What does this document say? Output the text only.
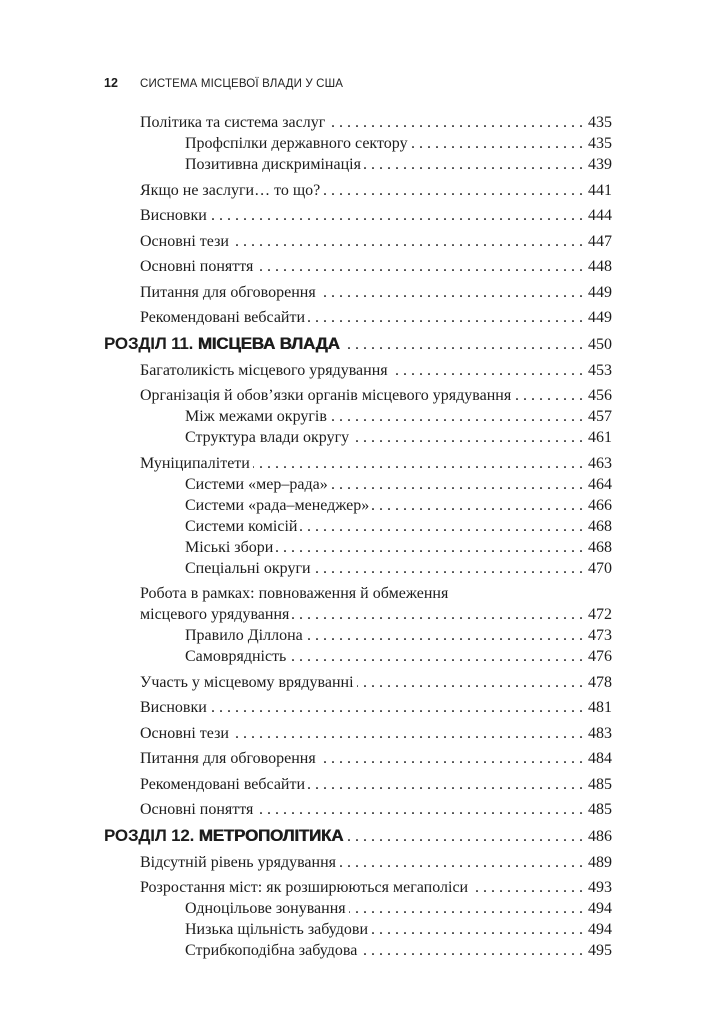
12	СИСТЕМА МІСЦЕВОЇ ВЛАДИ У США
Політика та система заслуг . . .	435
Профспілки державного сектору . . .	435
Позитивна дискримінація . . .	439
Якщо не заслуги… то що? . . .	441
Висновки . . .	444
Основні тези . . .	447
Основні поняття . . .	448
Питання для обговорення . . .	449
Рекомендовані вебсайти . . .	449
РОЗДІЛ 11. МІСЦЕВА ВЛАДА . . .	450
Багатоликість місцевого урядування . . .	453
Організація й обов’язки органів місцевого урядування . . .	456
Між межами округів . . .	457
Структура влади округу . . .	461
Муніципалітети . . .	463
Системи «мер–рада» . . .	464
Системи «рада–менеджер» . . .	466
Системи комісій . . .	468
Міські збори . . .	468
Спеціальні округи . . .	470
Робота в рамках: повноваження й обмеження
місцевого урядування . . .	472
Правило Діллона . . .	473
Самоврядність . . .	476
Участь у місцевому врядуванні . . .	478
Висновки . . .	481
Основні тези . . .	483
Питання для обговорення . . .	484
Рекомендовані вебсайти . . .	485
Основні поняття . . .	485
РОЗДІЛ 12. МЕТРОПОЛІТИКА . . .	486
Відсутній рівень урядування . . .	489
Розростання міст: як розширюються мегаполіси . . .	493
Одноцільове зонування . . .	494
Низька щільність забудови . . .	494
Стрибкоподібна забудова . . .	495
